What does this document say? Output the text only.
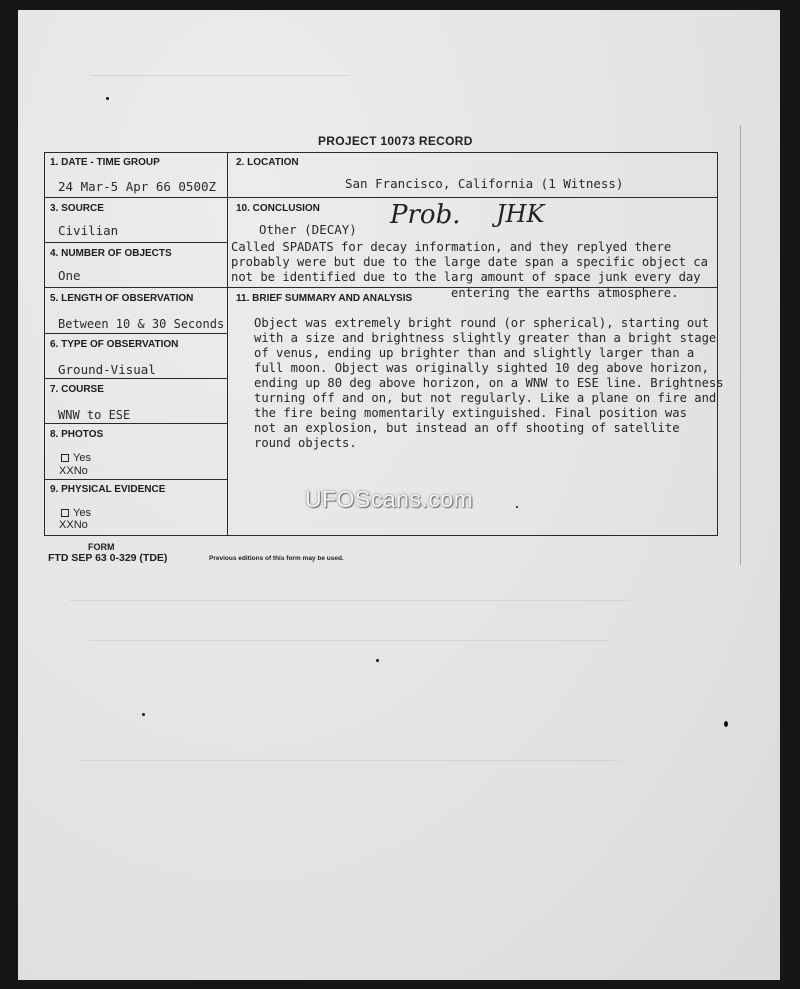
PROJECT 10073 RECORD
1. DATE - TIME GROUP
24 Mar-5 Apr 66 0500Z
2. LOCATION
San Francisco, California (1 Witness)
3. SOURCE
Civilian
10. CONCLUSION
Other (DECAY) Prob. JHK
Called SPADATS for decay information, and they replyed there
probably were but due to the large date span a specific object ca
not be identified due to the larg amount of space junk every day
entering the earths atmosphere.
4. NUMBER OF OBJECTS
One
5. LENGTH OF OBSERVATION
Between 10 & 30 Seconds
6. TYPE OF OBSERVATION
Ground-Visual
7. COURSE
WNW to ESE
8. PHOTOS
Yes
XXNo
9. PHYSICAL EVIDENCE
Yes
XXNo
11. BRIEF SUMMARY AND ANALYSIS
Object was extremely bright round (or spherical), starting out
with a size and brightness slightly greater than a bright stage
of venus, ending up brighter than and slightly larger than a
full moon. Object was originally sighted 10 deg above horizon,
ending up 80 deg above horizon, on a WNW to ESE line. Brightness
turning off and on, but not regularly. Like a plane on fire and
the fire being momentarily extinguished. Final position was
not an explosion, but instead an off shooting of satellite
round objects.
FORM
FTD SEP 63 0-329 (TDE)	Previous editions of this form may be used.
UFOScans.com
